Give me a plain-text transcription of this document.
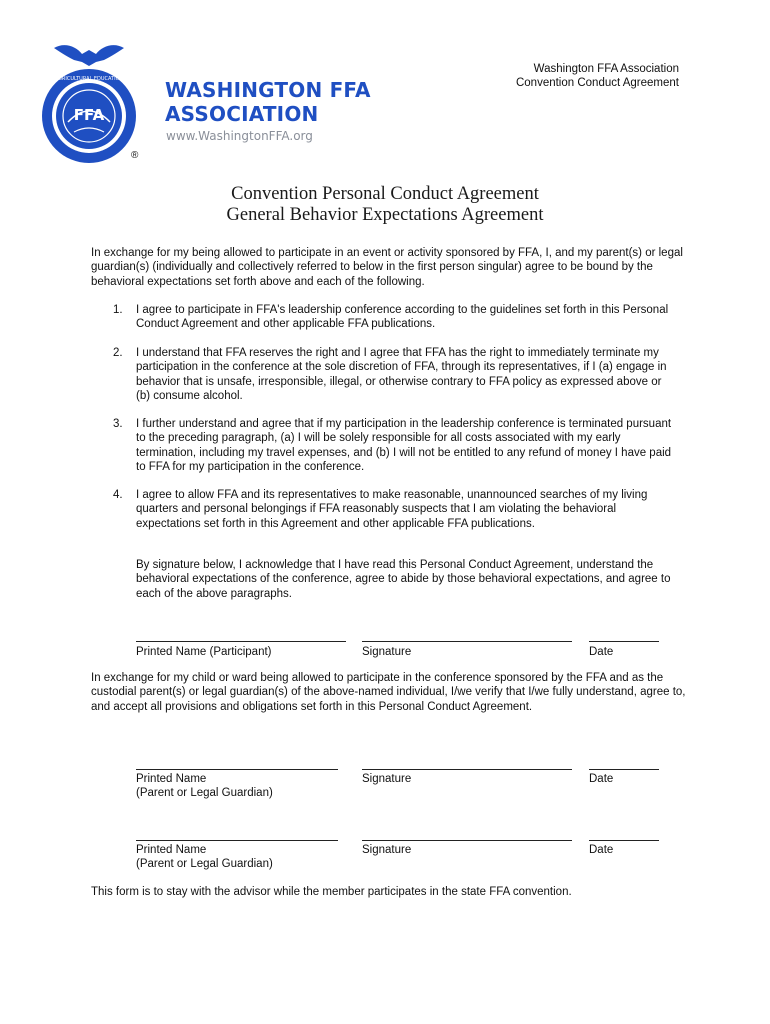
FFA
AGRICULTURAL EDUCATION
®
WASHINGTON FFA
ASSOCIATION
www.WashingtonFFA.org
Washington FFA Association
Convention Conduct Agreement
Convention Personal Conduct Agreement
General Behavior Expectations Agreement
In exchange for my being allowed to participate in an event or activity sponsored by FFA, I, and my parent(s) or legal guardian(s) (individually and collectively referred to below in the first person singular) agree to be bound by the behavioral expectations set forth above and each of the following.
1. I agree to participate in FFA's leadership conference according to the guidelines set forth in this Personal Conduct Agreement and other applicable FFA publications.
2. I understand that FFA reserves the right and I agree that FFA has the right to immediately terminate my participation in the conference at the sole discretion of FFA, through its representatives, if I (a) engage in behavior that is unsafe, irresponsible, illegal, or otherwise contrary to FFA policy as expressed above or (b) consume alcohol.
3. I further understand and agree that if my participation in the leadership conference is terminated pursuant to the preceding paragraph, (a) I will be solely responsible for all costs associated with my early termination, including my travel expenses, and (b) I will not be entitled to any refund of money I have paid to FFA for my participation in the conference.
4. I agree to allow FFA and its representatives to make reasonable, unannounced searches of my living quarters and personal belongings if FFA reasonably suspects that I am violating the behavioral expectations set forth in this Agreement and other applicable FFA publications.
By signature below, I acknowledge that I have read this Personal Conduct Agreement, understand the behavioral expectations of the conference, agree to abide by those behavioral expectations, and agree to each of the above paragraphs.
Printed Name (Participant)	Signature	Date
In exchange for my child or ward being allowed to participate in the conference sponsored by the FFA and as the custodial parent(s) or legal guardian(s) of the above-named individual, I/we verify that I/we fully understand, agree to, and accept all provisions and obligations set forth in this Personal Conduct Agreement.
Printed Name
(Parent or Legal Guardian)
Signature	Date
Printed Name
(Parent or Legal Guardian)
Signature	Date
This form is to stay with the advisor while the member participates in the state FFA convention.
